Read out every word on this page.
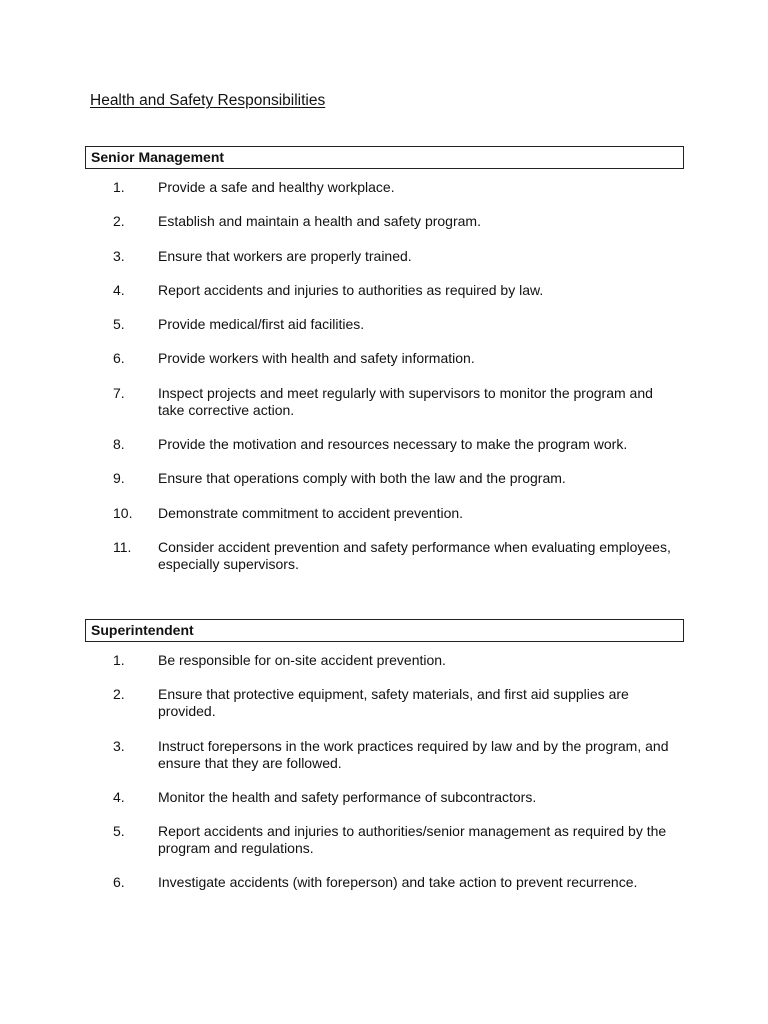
Health and Safety Responsibilities
Senior Management
1.	Provide a safe and healthy workplace.
2.	Establish and maintain a health and safety program.
3.	Ensure that workers are properly trained.
4.	Report accidents and injuries to authorities as required by law.
5.	Provide medical/first aid facilities.
6.	Provide workers with health and safety information.
7.	Inspect projects and meet regularly with supervisors to monitor the program and take corrective action.
8.	Provide the motivation and resources necessary to make the program work.
9.	Ensure that operations comply with both the law and the program.
10.	Demonstrate commitment to accident prevention.
11.	Consider accident prevention and safety performance when evaluating employees, especially supervisors.
Superintendent
1.	Be responsible for on-site accident prevention.
2.	Ensure that protective equipment, safety materials, and first aid supplies are provided.
3.	Instruct forepersons in the work practices required by law and by the program, and ensure that they are followed.
4.	Monitor the health and safety performance of subcontractors.
5.	Report accidents and injuries to authorities/senior management as required by the program and regulations.
6.	Investigate accidents (with foreperson) and take action to prevent recurrence.
